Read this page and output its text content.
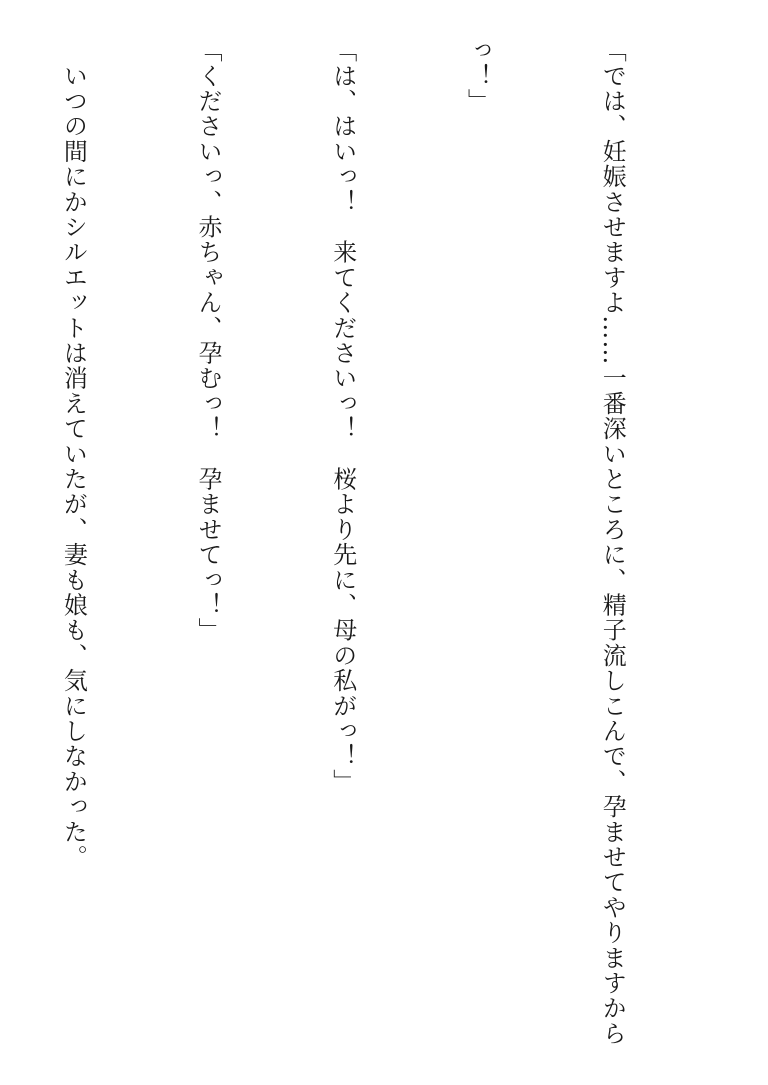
「では、妊娠させますよ……一番深いところに、精子流しこんで、孕ませてやりますから

っ！」

「は、はいっ！　来てくださいっ！　桜より先に、母の私がっ！」

「くださいっ、赤ちゃん、孕むっ！　孕ませてっ！」

　いつの間にかシルエットは消えていたが、妻も娘も、気にしなかった。
